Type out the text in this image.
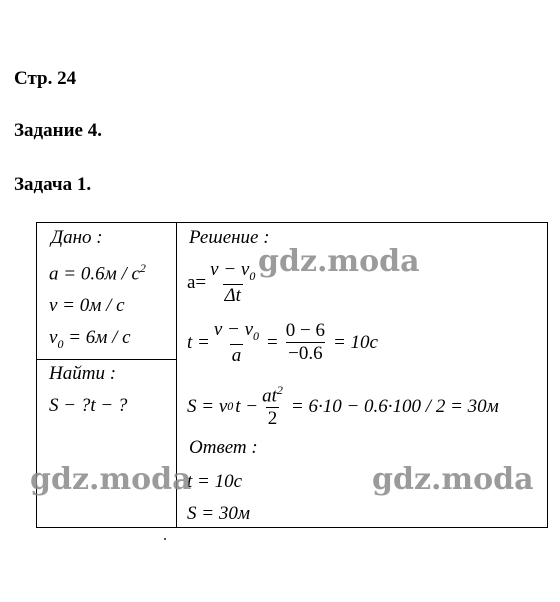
Стр. 24
Задание 4.
Задача 1.
Дано :
$a = 0.6м / с^2$
v = 0м / с
$v_0 = 6м / с$
Найти :
S − ?t − ?
Решение :
$a= \frac{v - v_0}{\Delta t}$
$t = \frac{v - v_0}{a} = \frac{0 - 6}{-0.6} = 10с$
S = v 0 $t - \frac{at^2}{2} = 6\cdot 10 - 0.6\cdot 100 / 2 = 30м$
Ответ :
t = 10с
S = 30м
gdz.moda
gdz.moda	gdz.moda
